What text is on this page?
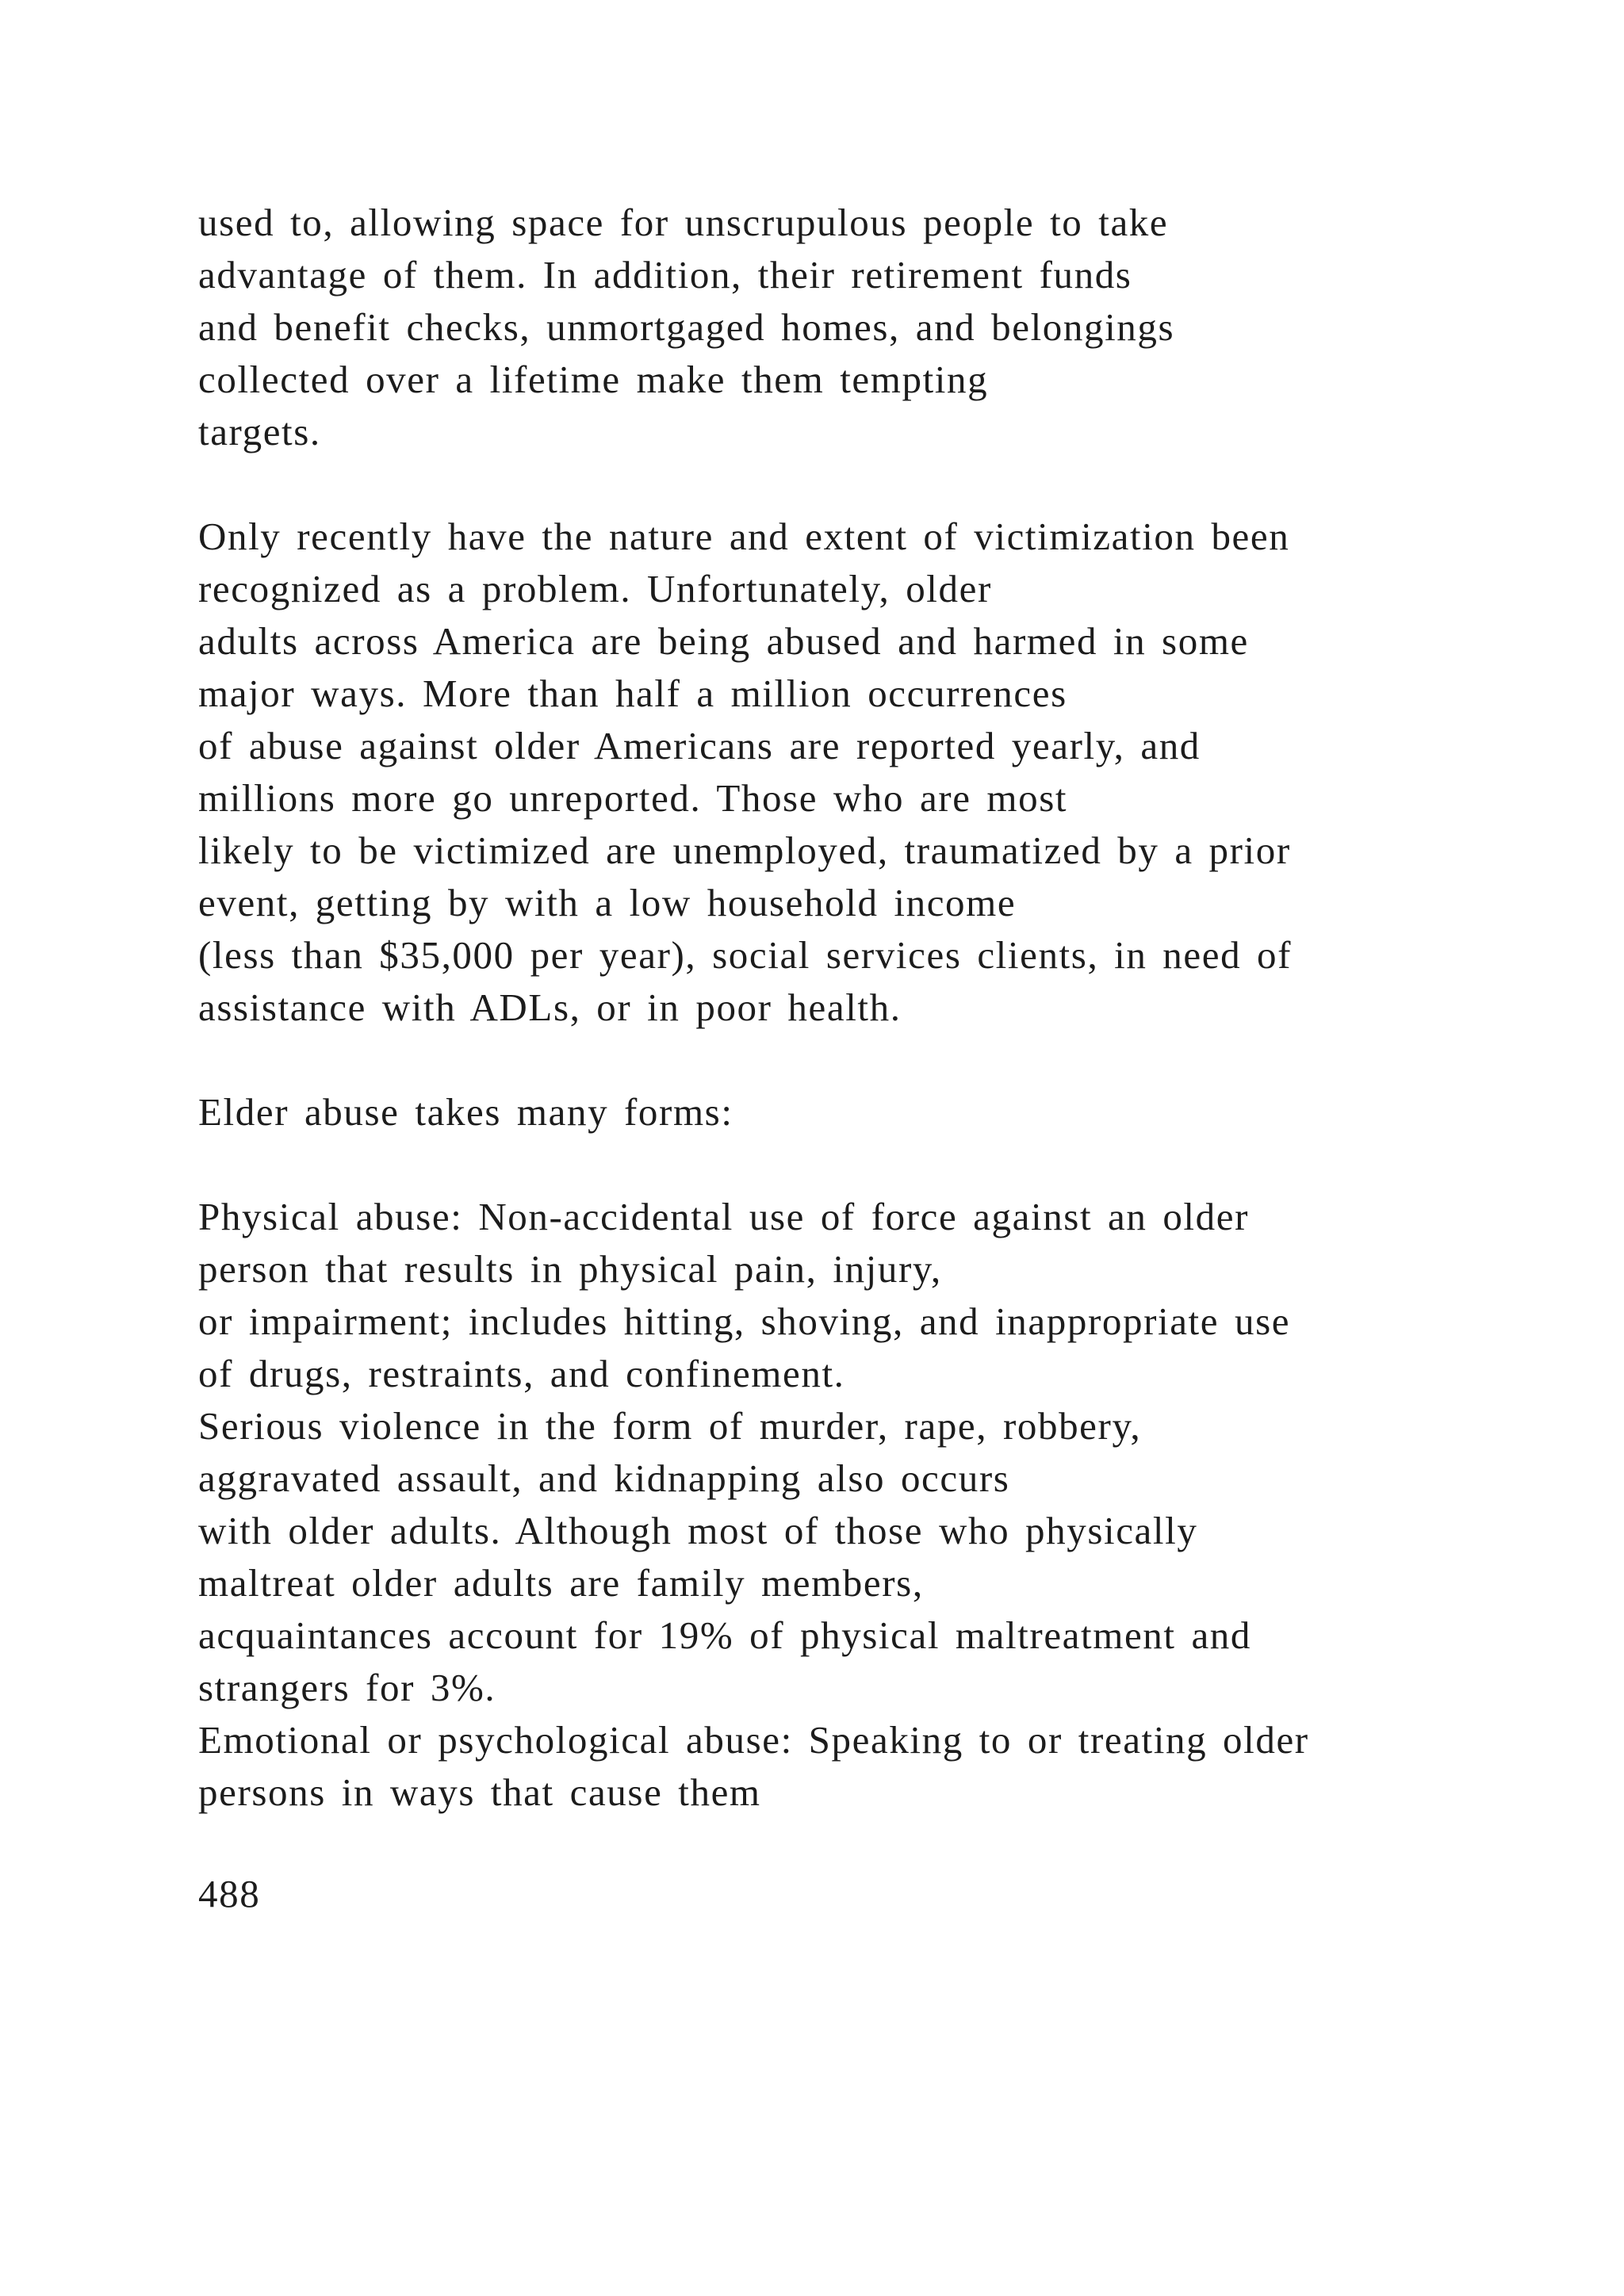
used to, allowing space for unscrupulous people to take
advantage of them. In addition, their retirement funds
and benefit checks, unmortgaged homes, and belongings
collected over a lifetime make them tempting
targets.
Only recently have the nature and extent of victimization been
recognized as a problem. Unfortunately, older
adults across America are being abused and harmed in some
major ways. More than half a million occurrences
of abuse against older Americans are reported yearly, and
millions more go unreported. Those who are most
likely to be victimized are unemployed, traumatized by a prior
event, getting by with a low household income
(less than $35,000 per year), social services clients, in need of
assistance with ADLs, or in poor health.
Elder abuse takes many forms:
Physical abuse: Non-accidental use of force against an older
person that results in physical pain, injury,
or impairment; includes hitting, shoving, and inappropriate use
of drugs, restraints, and confinement.
Serious violence in the form of murder, rape, robbery,
aggravated assault, and kidnapping also occurs
with older adults. Although most of those who physically
maltreat older adults are family members,
acquaintances account for 19% of physical maltreatment and
strangers for 3%.
Emotional or psychological abuse: Speaking to or treating older
persons in ways that cause them
488
